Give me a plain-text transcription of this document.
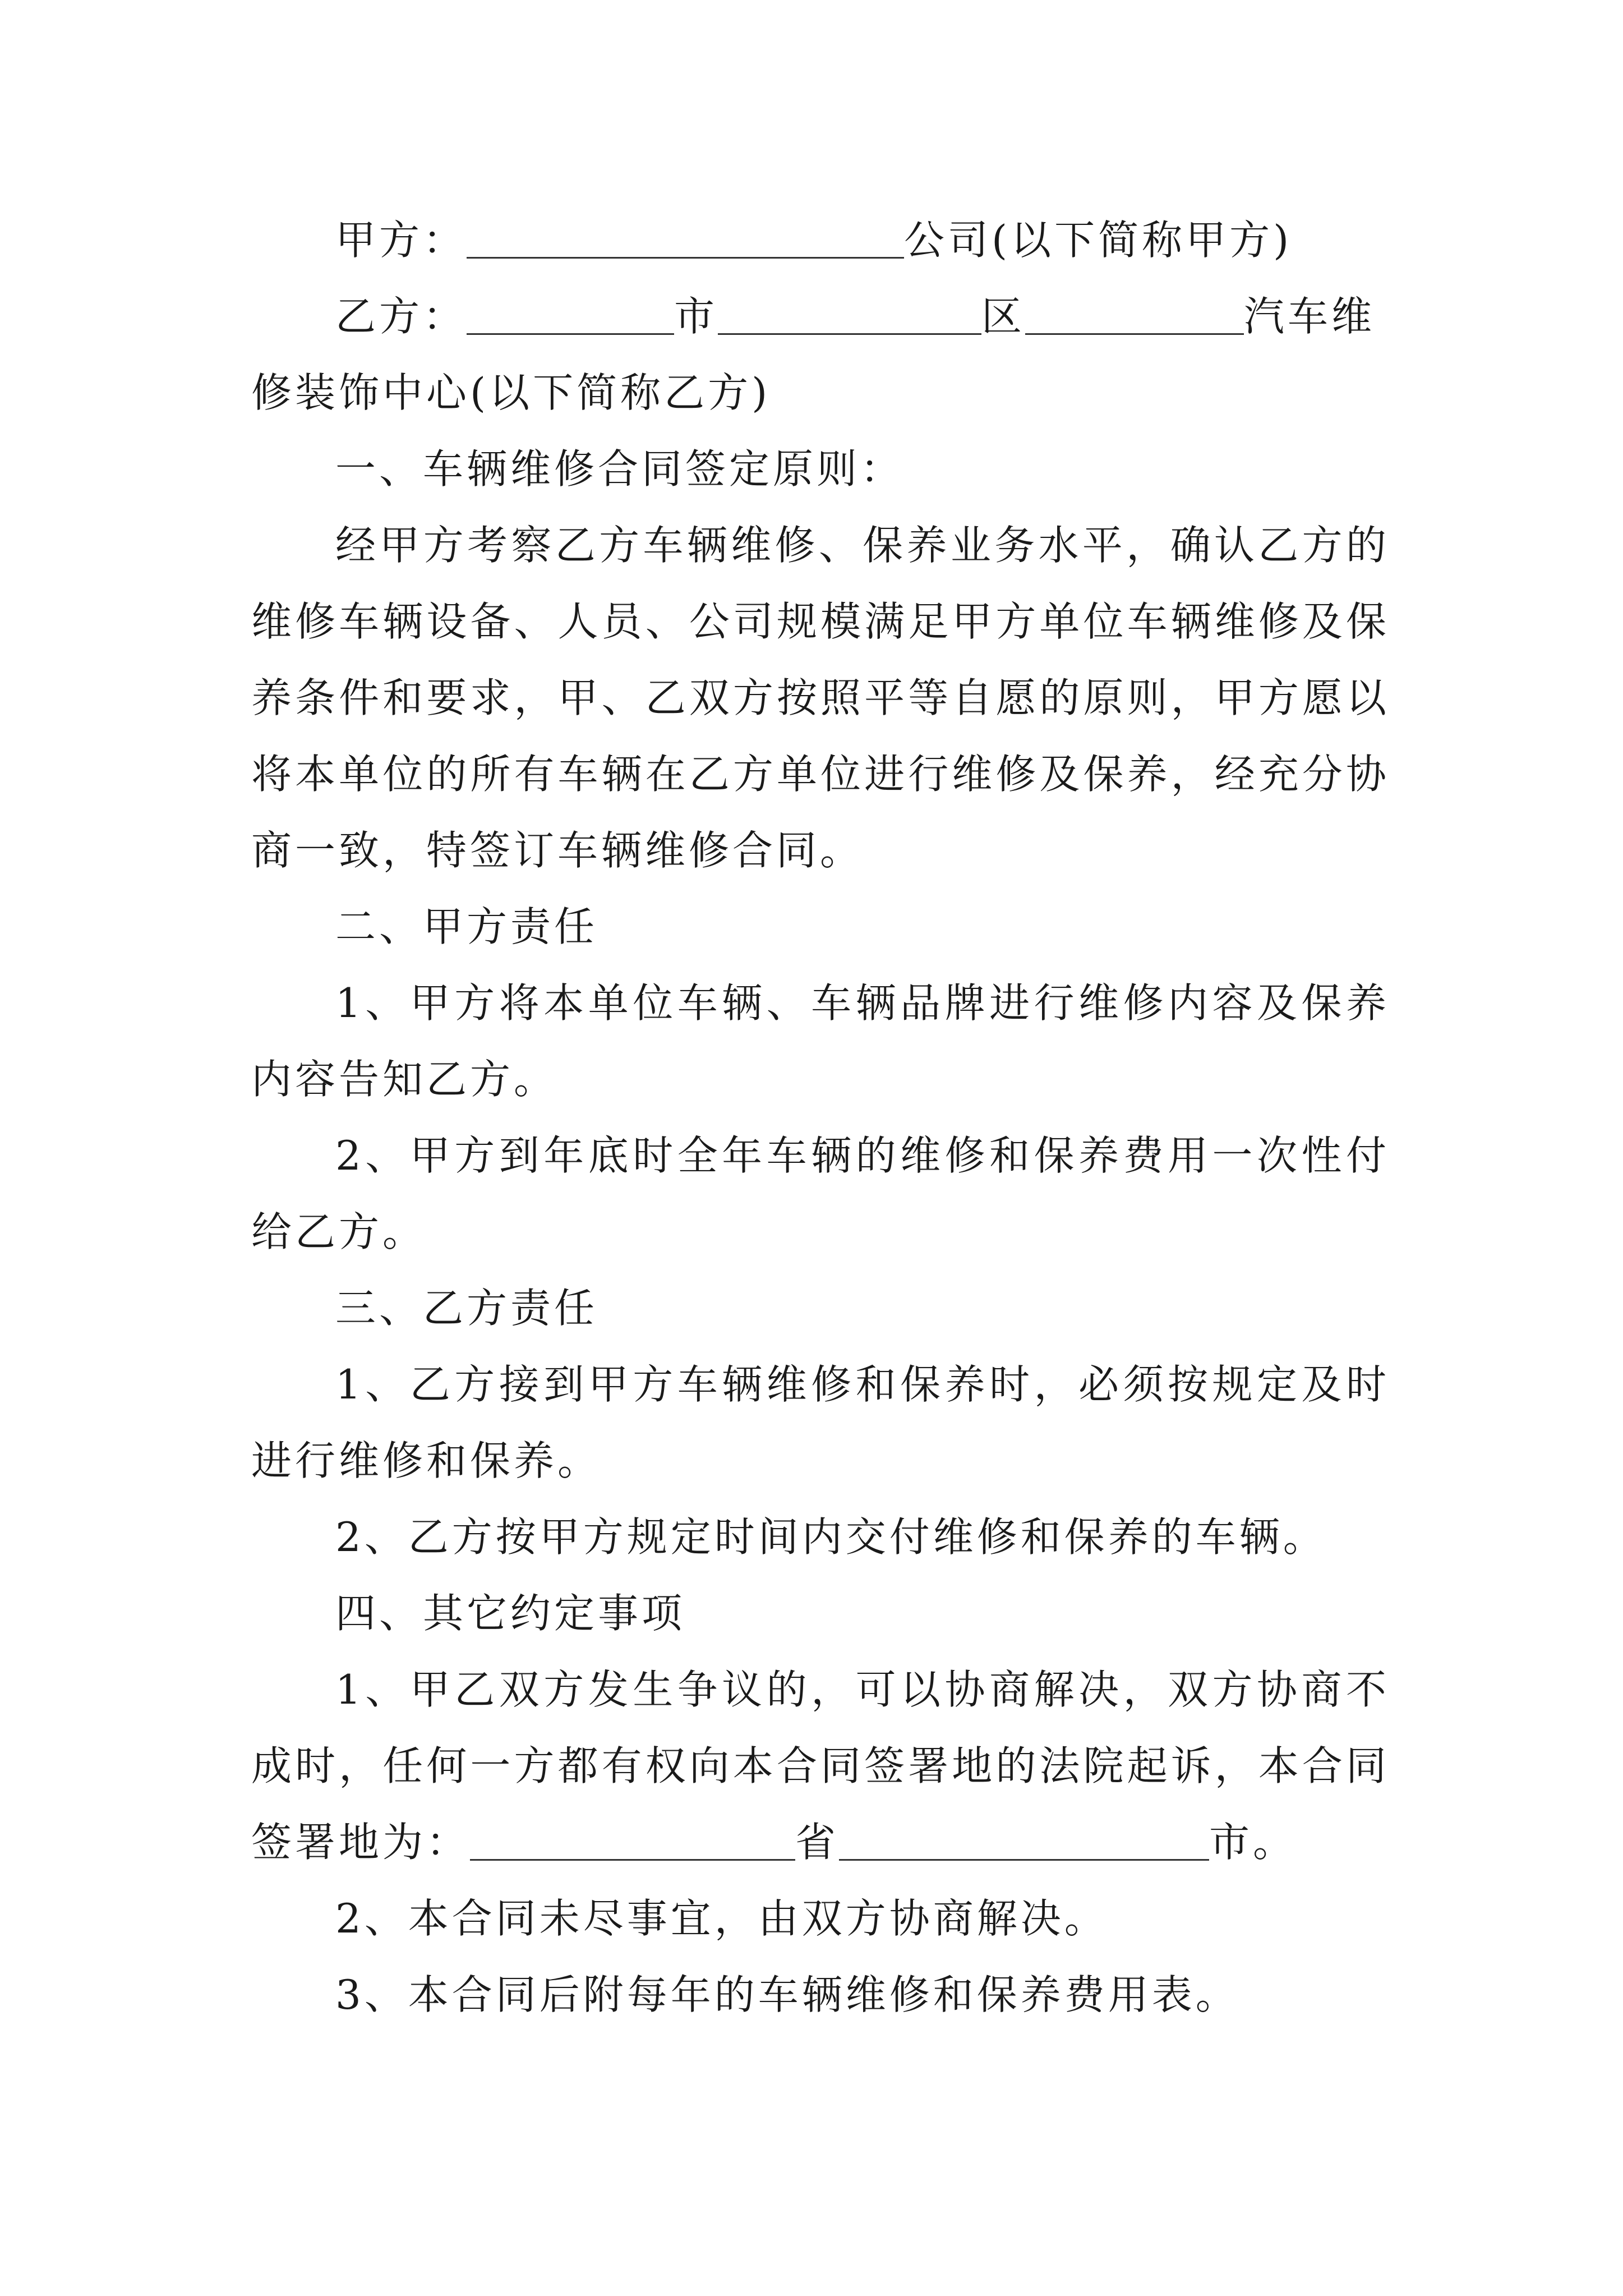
甲方：	公司(以下简称甲方)
乙方：	市	区	汽车维
修装饰中心(以下简称乙方)
一、车辆维修合同签定原则：
经甲方考察乙方车辆维修、保养业务水平，确认乙方的
维修车辆设备、人员、公司规模满足甲方单位车辆维修及保
养条件和要求，甲、乙双方按照平等自愿的原则，甲方愿以
将本单位的所有车辆在乙方单位进行维修及保养，经充分协
商一致，特签订车辆维修合同。
二、甲方责任
1、甲方将本单位车辆、车辆品牌进行维修内容及保养
内容告知乙方。
2、甲方到年底时全年车辆的维修和保养费用一次性付
给乙方。
三、乙方责任
1、乙方接到甲方车辆维修和保养时，必须按规定及时
进行维修和保养。
2、乙方按甲方规定时间内交付维修和保养的车辆。
四、其它约定事项
1、甲乙双方发生争议的，可以协商解决，双方协商不
成时，任何一方都有权向本合同签署地的法院起诉，本合同
签署地为：	省	市。
2、本合同未尽事宜，由双方协商解决。
3、本合同后附每年的车辆维修和保养费用表。
